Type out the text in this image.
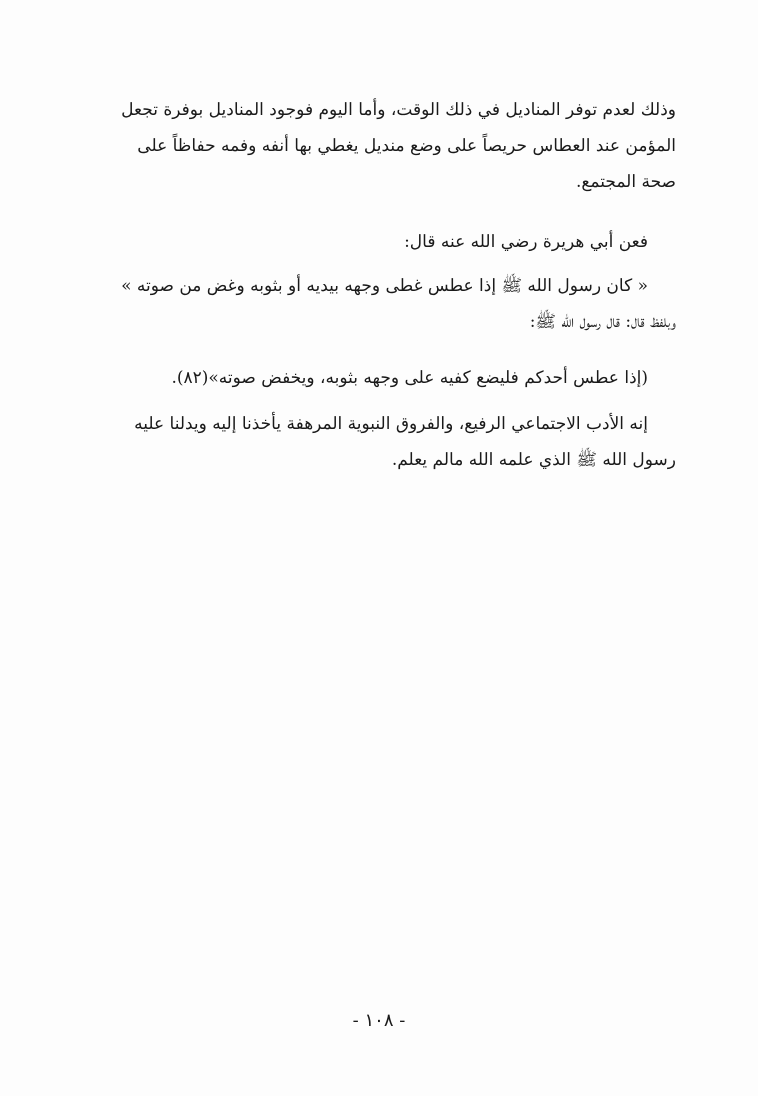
وذلك لعدم توفر المناديل في ذلك الوقت، وأما اليوم فوجود المناديل بوفرة تجعل
المؤمن عند العطاس حريصاً على وضع منديل يغطي بها أنفه وفمه حفاظاً على
صحة المجتمع.
فعن أبي هريرة رضي الله عنه قال:
« كان رسول الله ﷺ إذا عطس غطى وجهه بيديه أو بثوبه وغض من صوته »
وبلفظ قال: قال رسول الله ﷺ:
(إذا عطس أحدكم فليضع كفيه على وجهه بثوبه، ويخفض صوته»(٨٢).
إنه الأدب الاجتماعي الرفيع، والفروق النبوية المرهفة يأخذنا إليه ويدلنا عليه
رسول الله ﷺ الذي علمه الله مالم يعلم.
- ١٠٨ -
